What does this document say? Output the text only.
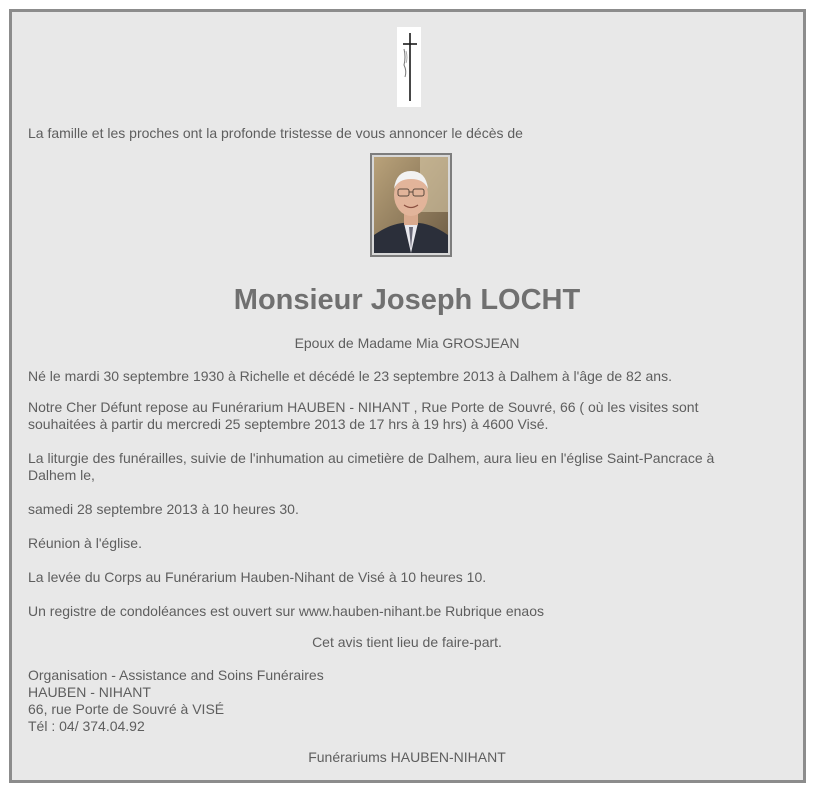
La famille et les proches ont la profonde tristesse de vous annoncer le décès de

Monsieur Joseph LOCHT

Epoux de Madame Mia GROSJEAN

Né le mardi 30 septembre 1930 à Richelle et décédé le 23 septembre 2013 à Dalhem à l'âge de 82 ans.

Notre Cher Défunt repose au Funérarium HAUBEN - NIHANT , Rue Porte de Souvré, 66 ( où les visites sont souhaitées à partir du mercredi 25 septembre 2013 de 17 hrs à 19 hrs) à 4600 Visé.

La liturgie des funérailles, suivie de l'inhumation au cimetière de Dalhem, aura lieu en l'église Saint-Pancrace à Dalhem le,

samedi 28 septembre 2013 à 10 heures 30.

Réunion à l'église.

La levée du Corps au Funérarium Hauben-Nihant de Visé à 10 heures 10.

Un registre de condoléances est ouvert sur www.hauben-nihant.be Rubrique enaos

Cet avis tient lieu de faire-part.

Organisation - Assistance and Soins Funéraires
HAUBEN - NIHANT
66, rue Porte de Souvré à VISÉ
Tél : 04/ 374.04.92

Funérariums HAUBEN-NIHANT
